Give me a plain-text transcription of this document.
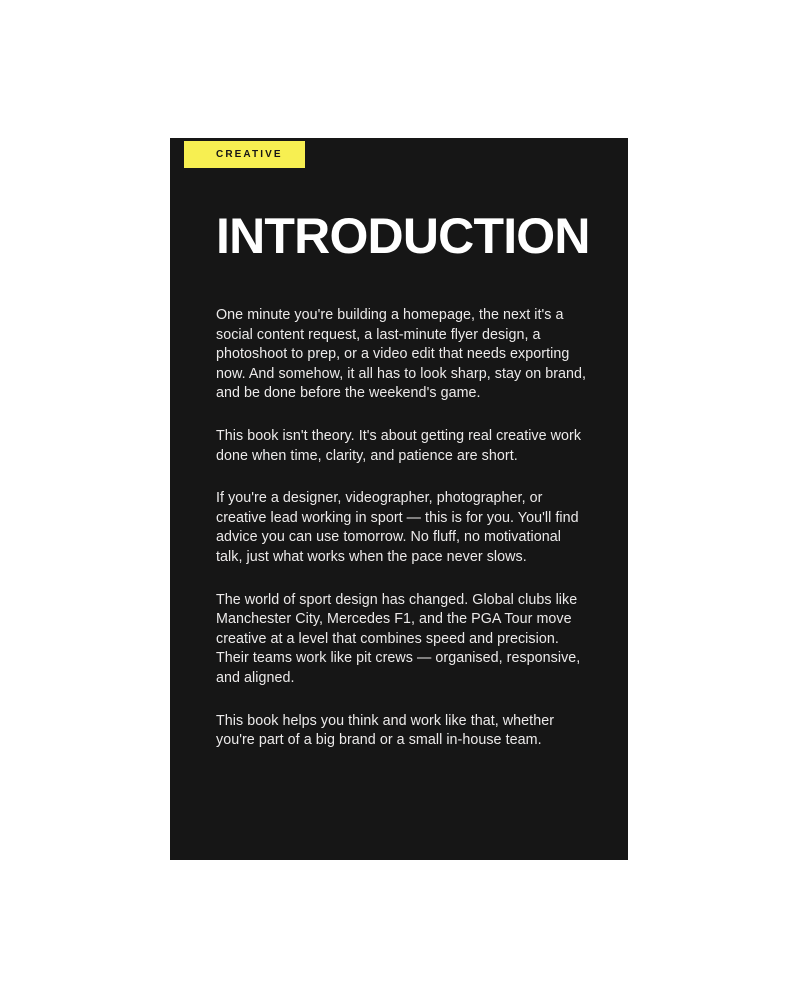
CREATIVE
INTRODUCTION

One minute you're building a homepage, the next it's a social content request, a last-minute flyer design, a photoshoot to prep, or a video edit that needs exporting now. And somehow, it all has to look sharp, stay on brand, and be done before the weekend's game.

This book isn't theory. It's about getting real creative work done when time, clarity, and patience are short.

If you're a designer, videographer, photographer, or creative lead working in sport — this is for you. You'll find advice you can use tomorrow. No fluff, no motivational talk, just what works when the pace never slows.

The world of sport design has changed. Global clubs like Manchester City, Mercedes F1, and the PGA Tour move creative at a level that combines speed and precision. Their teams work like pit crews — organised, responsive, and aligned.

This book helps you think and work like that, whether you're part of a big brand or a small in-house team.
